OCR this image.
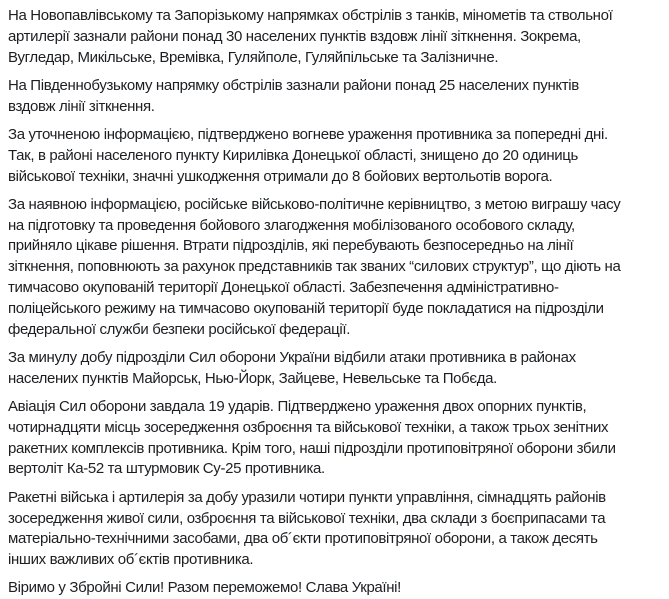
На Новопавлівському та Запорізькому напрямках обстрілів з танків, мінометів та ствольної
артилерії зазнали райони понад 30 населених пунктів вздовж лінії зіткнення. Зокрема,
Вугледар, Микільське, Времівка, Гуляйполе, Гуляйпільське та Залізничне.

На Південнобузькому напрямку обстрілів зазнали райони понад 25 населених пунктів
вздовж лінії зіткнення.

За уточненою інформацією, підтверджено вогневе ураження противника за попередні дні.
Так, в районі населеного пункту Кирилівка Донецької області, знищено до 20 одиниць
військової техніки, значні ушкодження отримали до 8 бойових вертольотів ворога.

За наявною інформацією, російське військово-політичне керівництво, з метою виграшу часу
на підготовку та проведення бойового злагодження мобілізованого особового складу,
прийняло цікаве рішення. Втрати підрозділів, які перебувають безпосередньо на лінії
зіткнення, поповнюють за рахунок представників так званих “силових структур”, що діють на
тимчасово окупованій території Донецької області. Забезпечення адміністративно-
поліцейського режиму на тимчасово окупованій території буде покладатися на підрозділи
федеральної служби безпеки російської федерації.

За минулу добу підрозділи Сил оборони України відбили атаки противника в районах
населених пунктів Майорськ, Нью-Йорк, Зайцеве, Невельське та Побєда.

Авіація Сил оборони завдала 19 ударів. Підтверджено ураження двох опорних пунктів,
чотирнадцяти місць зосередження озброєння та військової техніки, а також трьох зенітних
ракетних комплексів противника. Крім того, наші підрозділи протиповітряної оборони збили
вертоліт Ка-52 та штурмовик Су-25 противника.

Ракетні війська і артилерія за добу уразили чотири пункти управління, сімнадцять районів
зосередження живої сили, озброєння та військової техніки, два склади з боєприпасами та
матеріально-технічними засобами, два об´єкти протиповітряної оборони, а також десять
інших важливих об´єктів противника.

Віримо у Збройні Сили! Разом переможемо! Слава Україні!
